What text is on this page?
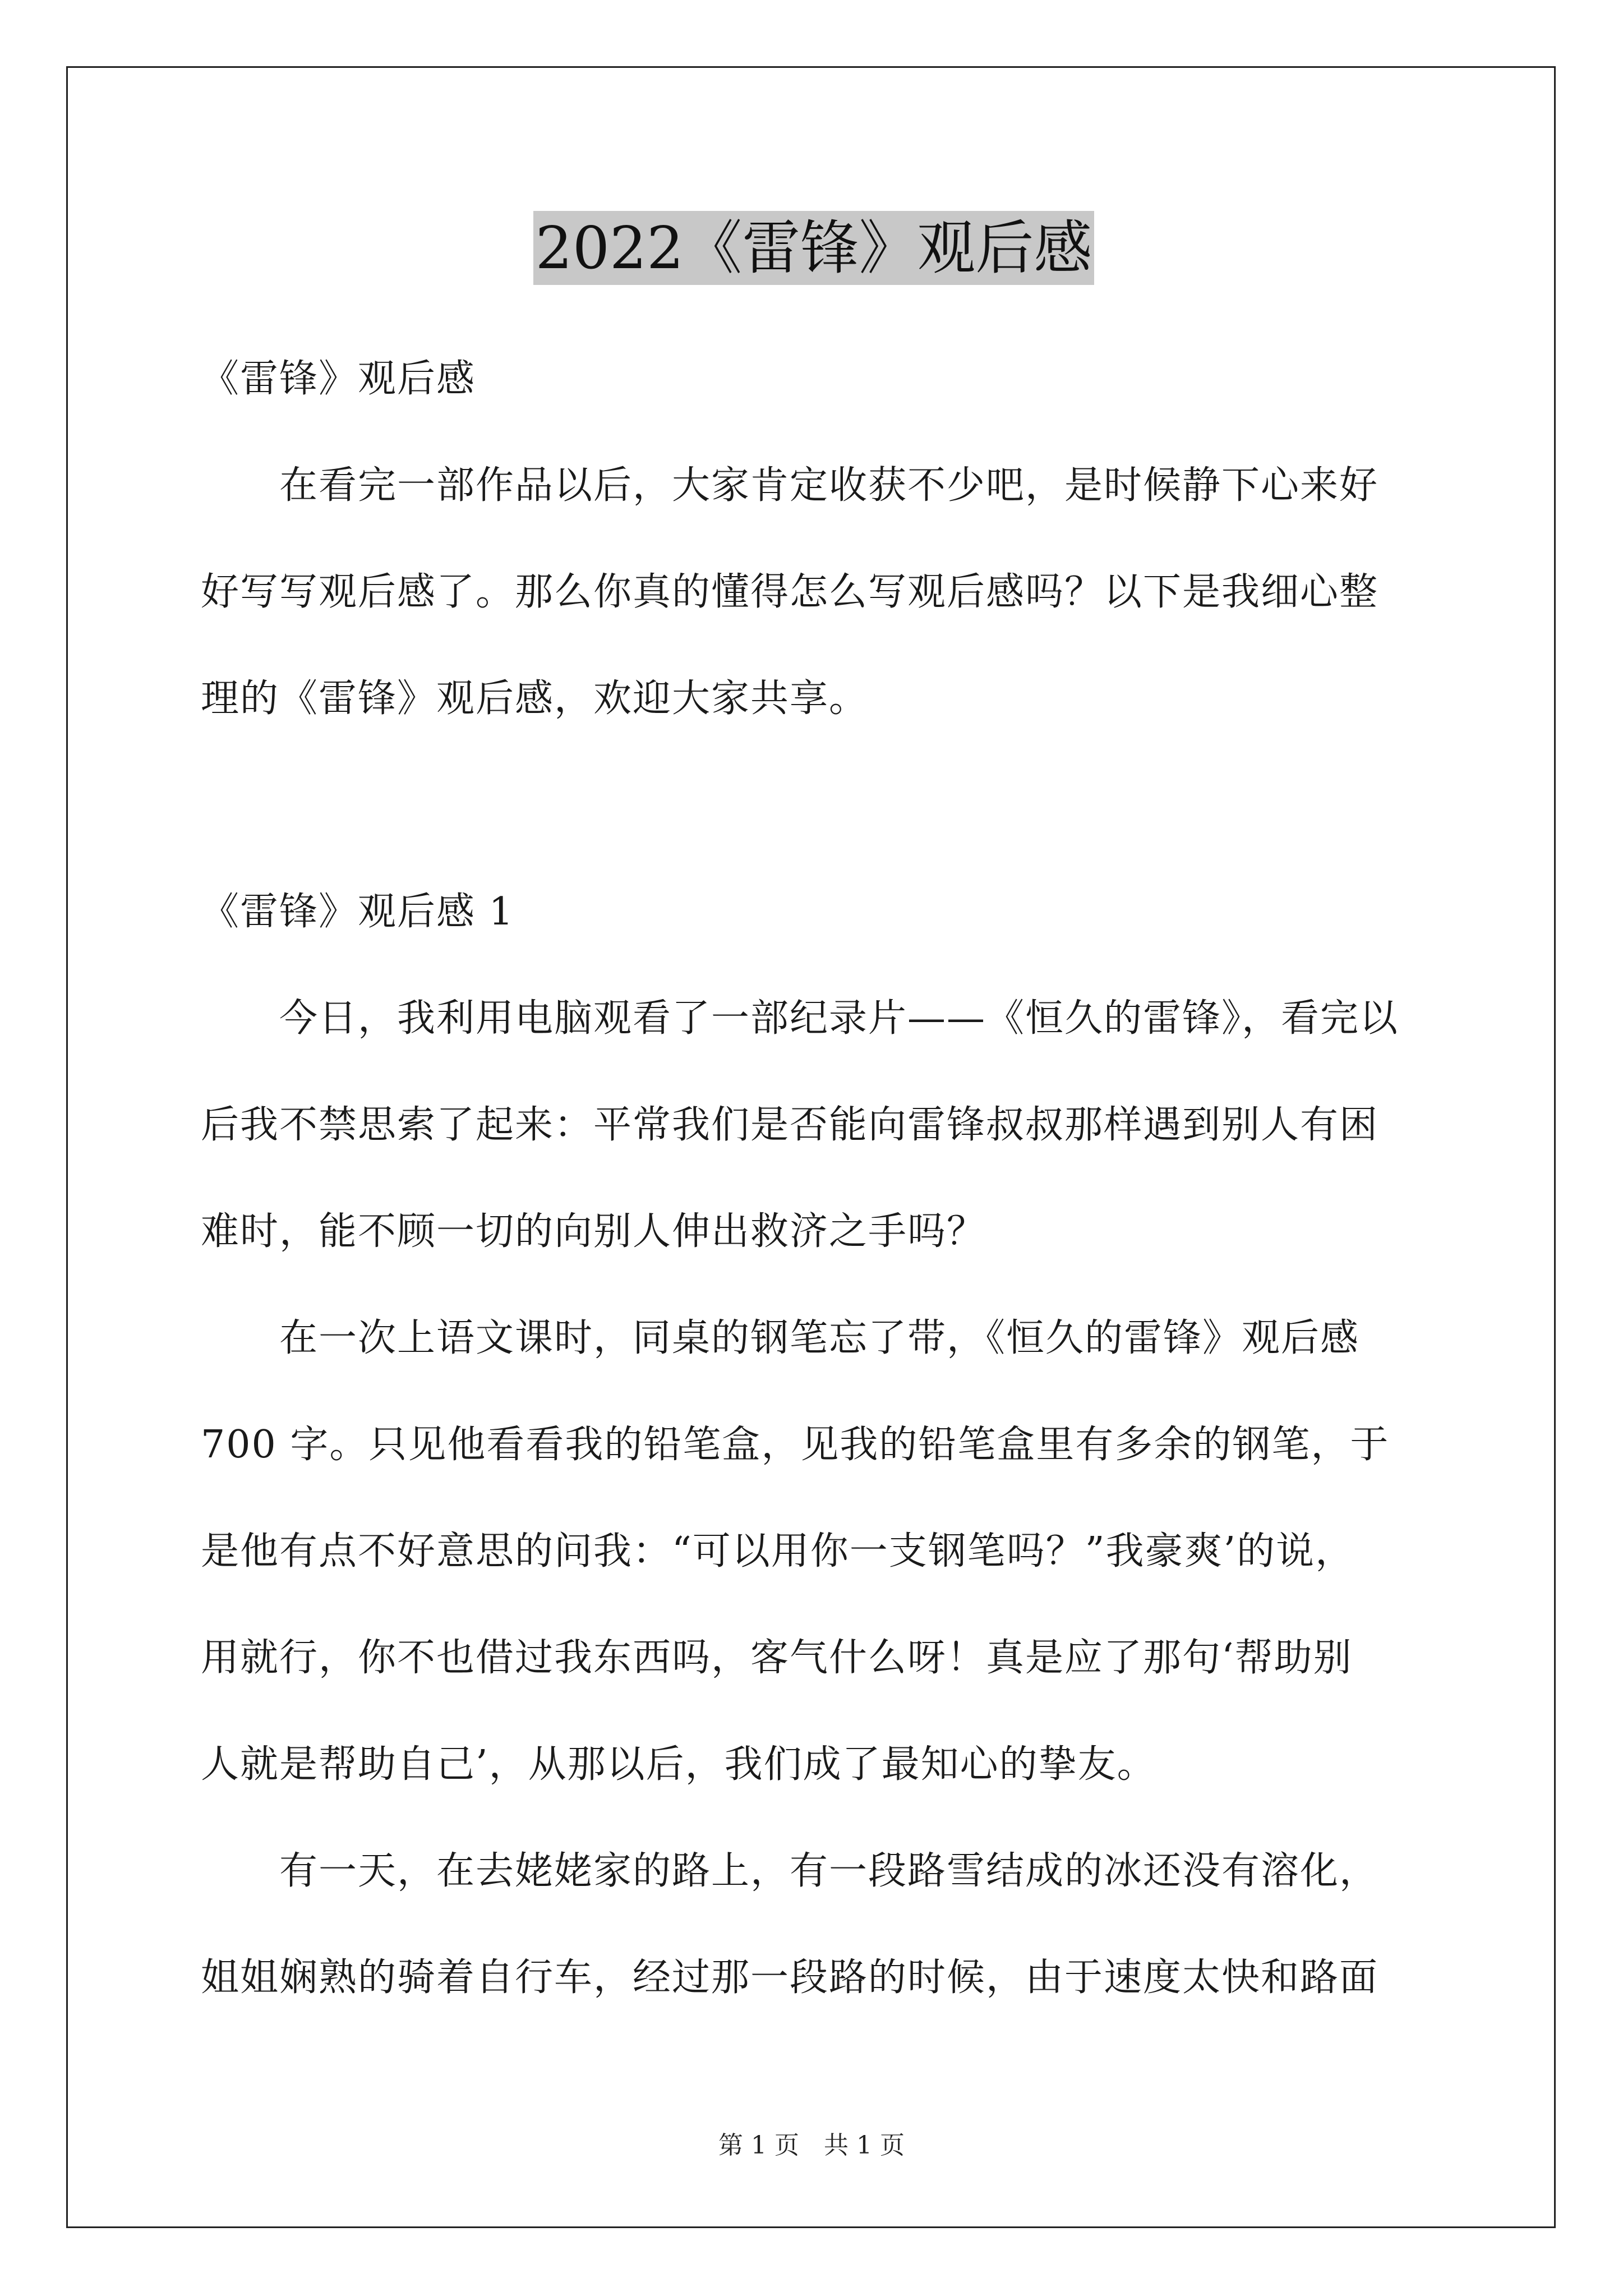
2022《雷锋》观后感
《雷锋》观后感
　　在看完一部作品以后，大家肯定收获不少吧，是时候静下心来好
好写写观后感了。那么你真的懂得怎么写观后感吗？以下是我细心整
理的《雷锋》观后感，欢迎大家共享。
《雷锋》观后感 1
　　今日，我利用电脑观看了一部纪录片——《恒久的雷锋》，看完以
后我不禁思索了起来：平常我们是否能向雷锋叔叔那样遇到别人有困
难时，能不顾一切的向别人伸出救济之手吗？
　　在一次上语文课时，同桌的钢笔忘了带，《恒久的雷锋》观后感
700 字。只见他看看我的铅笔盒，见我的铅笔盒里有多余的钢笔，于
是他有点不好意思的问我：“可以用你一支钢笔吗？”我豪爽’的说，
用就行，你不也借过我东西吗，客气什么呀！真是应了那句‘帮助别
人就是帮助自己’，从那以后，我们成了最知心的挚友。
　　有一天，在去姥姥家的路上，有一段路雪结成的冰还没有溶化，
姐姐娴熟的骑着自行车，经过那一段路的时候，由于速度太快和路面
第 1 页　共 1 页
